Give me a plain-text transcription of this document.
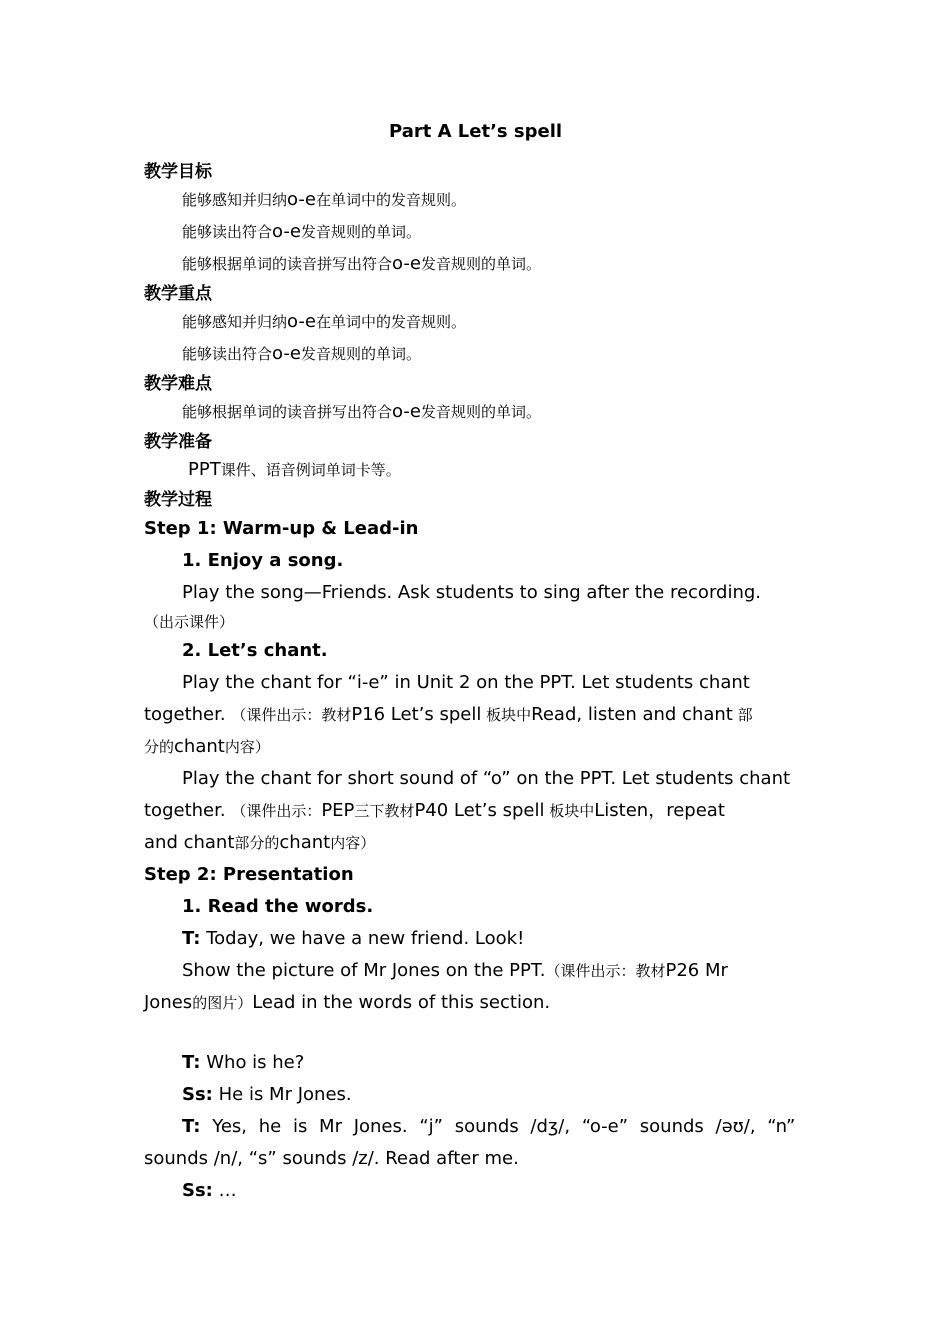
Part A Let’s spell
教学目标
能够感知并归纳o-e在单词中的发音规则。
能够读出符合o-e发音规则的单词。
能够根据单词的读音拼写出符合o-e发音规则的单词。
教学重点
能够感知并归纳o-e在单词中的发音规则。
能够读出符合o-e发音规则的单词。
教学难点
能够根据单词的读音拼写出符合o-e发音规则的单词。
教学准备
PPT课件、语音例词单词卡等。
教学过程
Step 1: Warm-up & Lead-in
1. Enjoy a song.
Play the song—Friends. Ask students to sing after the recording.
（出示课件）
2. Let’s chant.
Play the chant for “i-e” in Unit 2 on the PPT. Let students chant
together. （课件出示：教材P16 Let’s spell 板块中Read, listen and chant 部
分的chant内容）
Play the chant for short sound of “o” on the PPT. Let students chant
together. （课件出示：PEP三下教材P40 Let’s spell 板块中Listen，repeat
and chant部分的chant内容）
Step 2: Presentation
1. Read the words.
T: Today, we have a new friend. Look!
Show the picture of Mr Jones on the PPT.（课件出示：教材P26 Mr
Jones的图片）Lead in the words of this section.
T: Who is he?
Ss: He is Mr Jones.
T: Yes, he is Mr Jones. “j” sounds /dʒ/, “o-e” sounds /əʊ/, “n”
sounds /n/, “s” sounds /z/. Read after me.
Ss: …
